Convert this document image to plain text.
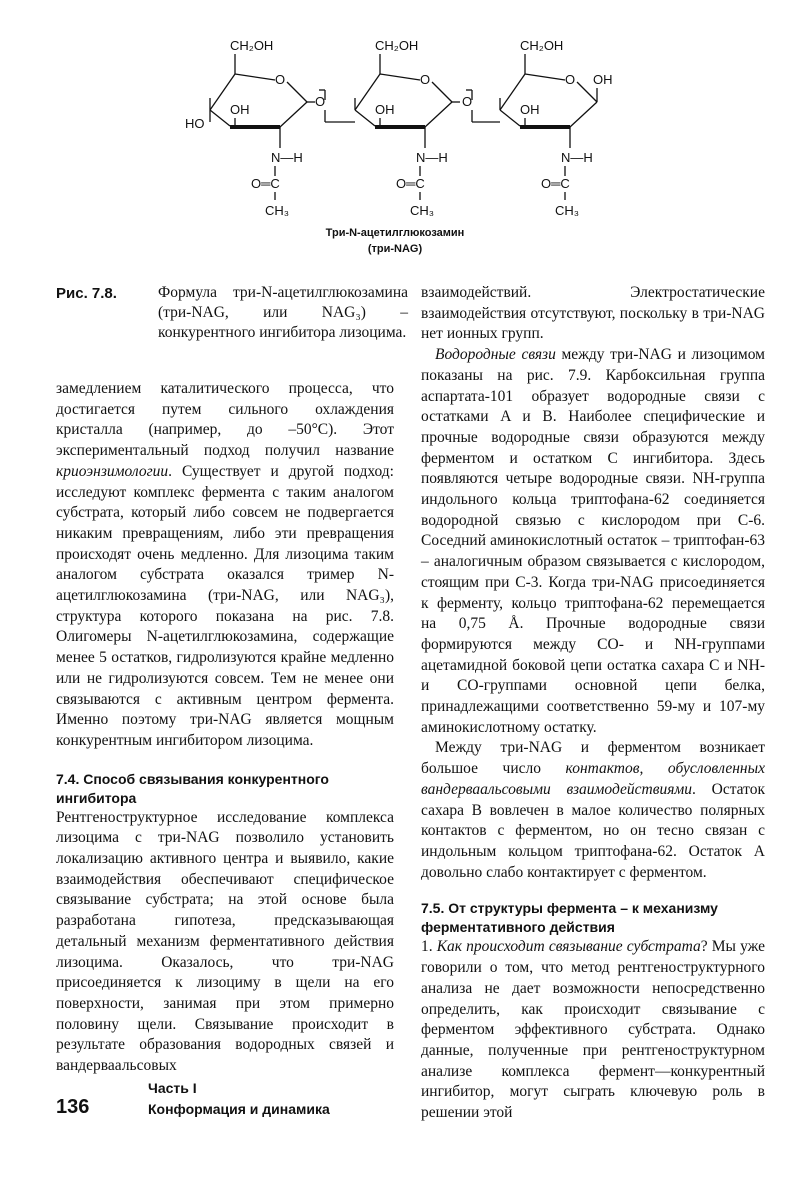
CH₂OH
O
HO
OH
N—H
O═C
CH₃
O
CH₂OH
O
OH
N—H
O═C
CH₃
O
CH₂OH
O OH
OH
N—H
O═C
CH₃
Три-N-ацетилглюкозамин
(три-NAG)
Рис. 7.8.	Формула три-N-ацетилглюкозамина (три-NAG, или NAG₃) – конкурентного ингибитора лизоцима.

замедлением каталитического процесса, что достигается путем сильного охлаждения кристалла (например, до –50°C). Этот экспериментальный подход получил название криоэнзимологии. Существует и другой подход: исследуют комплекс фермента с таким аналогом субстрата, который либо совсем не подвергается никаким превращениям, либо эти превращения происходят очень медленно. Для лизоцима таким аналогом субстрата оказался тример N-ацетилглюкозамина (три-NAG, или NAG₃), структура которого показана на рис. 7.8. Олигомеры N-ацетилглюкозамина, содержащие менее 5 остатков, гидролизуются крайне медленно или не гидролизуются совсем. Тем не менее они связываются с активным центром фермента. Именно поэтому три-NAG является мощным конкурентным ингибитором лизоцима.

7.4. Способ связывания конкурентного ингибитора

Рентгеноструктурное исследование комплекса лизоцима с три-NAG позволило установить локализацию активного центра и выявило, какие взаимодействия обеспечивают специфическое связывание субстрата; на этой основе была разработана гипотеза, предсказывающая детальный механизм ферментативного действия лизоцима. Оказалось, что три-NAG присоединяется к лизоциму в щели на его поверхности, занимая при этом примерно половину щели. Связывание происходит в результате образования водородных связей и вандерваальсовых

взаимодействий. Электростатические взаимодействия отсутствуют, поскольку в три-NAG нет ионных групп.

Водородные связи между три-NAG и лизоцимом показаны на рис. 7.9. Карбоксильная группа аспартата-101 образует водородные связи с остатками A и B. Наиболее специфические и прочные водородные связи образуются между ферментом и остатком C ингибитора. Здесь появляются четыре водородные связи. NH-группа индольного кольца триптофана-62 соединяется водородной связью с кислородом при C-6. Соседний аминокислотный остаток – триптофан-63 – аналогичным образом связывается с кислородом, стоящим при C-3. Когда три-NAG присоединяется к ферменту, кольцо триптофана-62 перемещается на 0,75 Å. Прочные водородные связи формируются между CO- и NH-группами ацетамидной боковой цепи остатка сахара C и NH- и CO-группами основной цепи белка, принадлежащими соответственно 59-му и 107-му аминокислотному остатку.

Между три-NAG и ферментом возникает большое число контактов, обусловленных вандерваальсовыми взаимодействиями. Остаток сахара B вовлечен в малое количество полярных контактов с ферментом, но он тесно связан с индольным кольцом триптофана-62. Остаток A довольно слабо контактирует с ферментом.

7.5. От структуры фермента – к механизму ферментативного действия

1. Как происходит связывание субстрата? Мы уже говорили о том, что метод рентгеноструктурного анализа не дает возможности непосредственно определить, как происходит связывание с ферментом эффективного субстрата. Однако данные, полученные при рентгеноструктурном анализе комплекса фермент—конкурентный ингибитор, могут сыграть ключевую роль в решении этой

136
Часть I
Конформация и динамика
